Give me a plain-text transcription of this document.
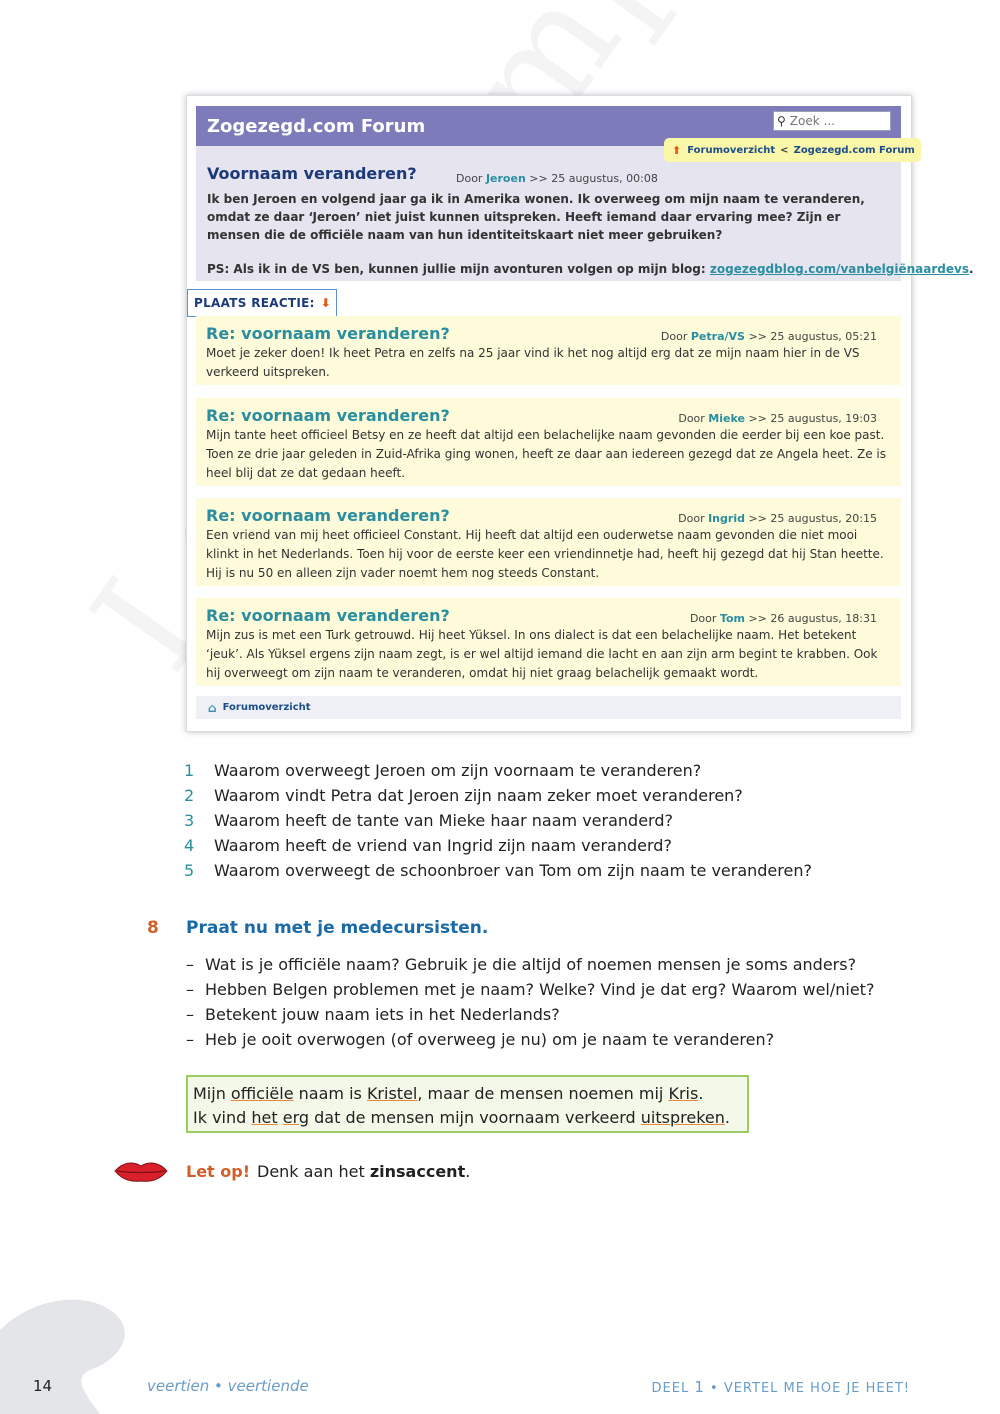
Zogezegd.com Forum	⚲
Zoek ...
⬆ Forumoverzicht < Zogezegd.com Forum
Voornaam veranderen?	Door Jeroen >> 25 augustus, 00:08
Ik ben Jeroen en volgend jaar ga ik in Amerika wonen. Ik overweeg om mijn naam te veranderen, omdat ze daar ‘Jeroen’ niet juist kunnen uitspreken. Heeft iemand daar ervaring mee? Zijn er mensen die de officiële naam van hun identiteitskaart niet meer gebruiken?
PS: Als ik in de VS ben, kunnen jullie mijn avonturen volgen op mijn blog: zogezegdblog.com/vanbelgiënaardevs.
PLAATS REACTIE: ⬇
Re: voornaam veranderen?	Door Petra/VS >> 25 augustus, 05:21
Moet je zeker doen! Ik heet Petra en zelfs na 25 jaar vind ik het nog altijd erg dat ze mijn naam hier in de VS verkeerd uitspreken.
Re: voornaam veranderen?	Door Mieke >> 25 augustus, 19:03
Mijn tante heet officieel Betsy en ze heeft dat altijd een belachelijke naam gevonden die eerder bij een koe past. Toen ze drie jaar geleden in Zuid-Afrika ging wonen, heeft ze daar aan iedereen gezegd dat ze Angela heet. Ze is heel blij dat ze dat gedaan heeft.
Re: voornaam veranderen?	Door Ingrid >> 25 augustus, 20:15
Een vriend van mij heet officieel Constant. Hij heeft dat altijd een ouderwetse naam gevonden die niet mooi klinkt in het Nederlands. Toen hij voor de eerste keer een vriendinnetje had, heeft hij gezegd dat hij Stan heette. Hij is nu 50 en alleen zijn vader noemt hem nog steeds Constant.
Re: voornaam veranderen?	Door Tom >> 26 augustus, 18:31
Mijn zus is met een Turk getrouwd. Hij heet Yüksel. In ons dialect is dat een belachelijke naam. Het betekent ‘jeuk’. Als Yüksel ergens zijn naam zegt, is er wel altijd iemand die lacht en aan zijn arm begint te krabben. Ook hij overweegt om zijn naam te veranderen, omdat hij niet graag belachelijk gemaakt wordt.
⌂ Forumoverzicht
1 Waarom overweegt Jeroen om zijn voornaam te veranderen?
2 Waarom vindt Petra dat Jeroen zijn naam zeker moet veranderen?
3 Waarom heeft de tante van Mieke haar naam veranderd?
4 Waarom heeft de vriend van Ingrid zijn naam veranderd?
5 Waarom overweegt de schoonbroer van Tom om zijn naam te veranderen?
8 Praat nu met je medecursisten.
– Wat is je officiële naam? Gebruik je die altijd of noemen mensen je soms anders?
– Hebben Belgen problemen met je naam? Welke? Vind je dat erg? Waarom wel/niet?
– Betekent jouw naam iets in het Nederlands?
– Heb je ooit overwogen (of overweeg je nu) om je naam te veranderen?
Mijn officiële naam is Kristel, maar de mensen noemen mij Kris.
Ik vind het erg dat de mensen mijn voornaam verkeerd uitspreken.
Let op! Denk aan het zinsaccent.
14	veertien • veertiende	DEEL 1 • VERTEL ME HOE JE HEET!
